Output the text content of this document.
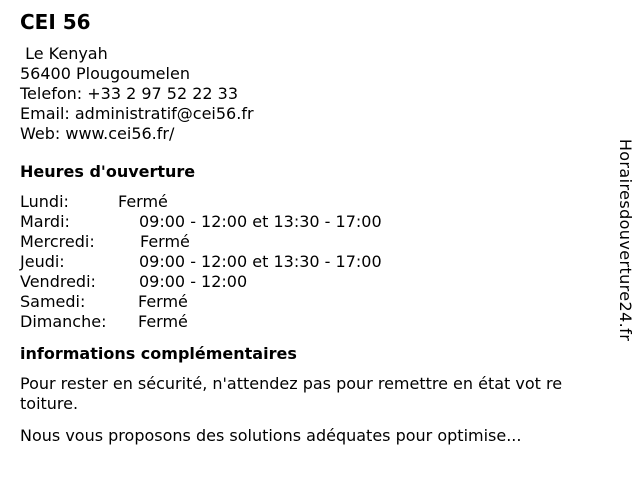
CEI 56
Le Kenyah
56400 Plougoumelen
Telefon: +33 2 97 52 22 33
Email: administratif@cei56.fr
Web: www.cei56.fr/
Heures d'ouverture
Lundi:	Fermé
Mardi:	09:00 - 12:00 et 13:30 - 17:00
Mercredi:	Fermé
Jeudi:	09:00 - 12:00 et 13:30 - 17:00
Vendredi:	09:00 - 12:00
Samedi:	Fermé
Dimanche:	Fermé
informations complémentaires

Pour rester en sécurité, n'attendez pas pour remettre en état vot re toiture.

Nous vous proposons des solutions adéquates pour optimise...

Horairesdouverture24.fr
